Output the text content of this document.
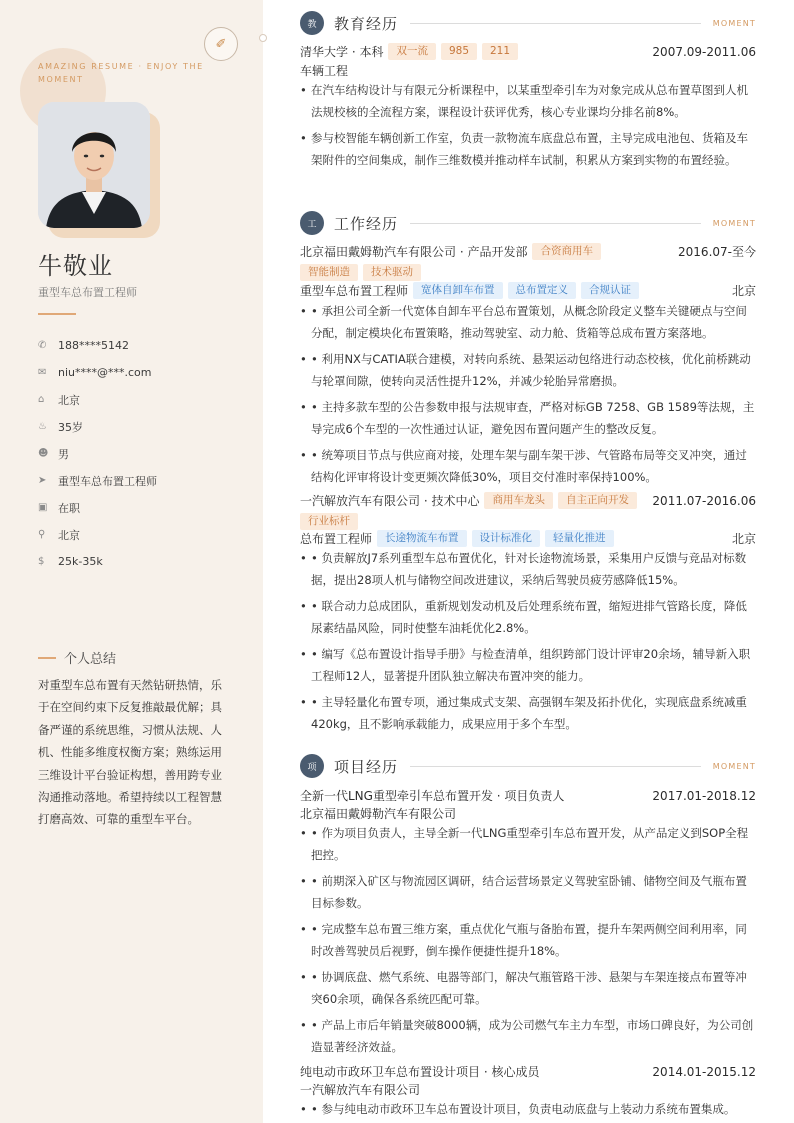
✐
AMAZING RESUME · ENJOY THE MOMENT
牛敬业
重型车总布置工程师
✆	188****5142
✉	niu****@***.com
⌂	北京
♨	35岁
☻ 男
➤	重型车总布置工程师
▣ 在职
⚲	北京
$	25k-35k
个人总结
对重型车总布置有天然钻研热情，乐于在空间约束下反复推敲最优解；具备严谨的系统思维，习惯从法规、人机、性能多维度权衡方案；熟练运用三维设计平台验证构想，善用跨专业沟通推动落地。希望持续以工程智慧打磨高效、可靠的重型车平台。
教	教育经历	MOMENT
清华大学 · 本科	双一流	985	211	2007.09-2011.06
车辆工程
• 在汽车结构设计与有限元分析课程中，以某重型牵引车为对象完成从总布置草图到人机法规校核的全流程方案，课程设计获评优秀，核心专业课均分排名前8%。
• 参与校智能车辆创新工作室，负责一款物流车底盘总布置，主导完成电池包、货箱及车架附件的空间集成，制作三维数模并推动样车试制，积累从方案到实物的布置经验。
工	工作经历	MOMENT
北京福田戴姆勒汽车有限公司 · 产品开发部	合资商用车	2016.07-至今
智能制造	技术驱动
重型车总布置工程师	宽体自卸车布置	总布置定义	合规认证	北京
• • 承担公司全新一代宽体自卸车平台总布置策划，从概念阶段定义整车关键硬点与空间分配，制定模块化布置策略，推动驾驶室、动力舱、货箱等总成布置方案落地。
• • 利用NX与CATIA联合建模，对转向系统、悬架运动包络进行动态校核，优化前桥跳动与轮罩间隙，使转向灵活性提升12%，并减少轮胎异常磨损。
• • 主持多款车型的公告参数申报与法规审查，严格对标GB 7258、GB 1589等法规，主导完成6个车型的一次性通过认证，避免因布置问题产生的整改反复。
• • 统筹项目节点与供应商对接，处理车架与副车架干涉、气管路布局等交叉冲突，通过结构化评审将设计变更频次降低30%，项目交付准时率保持100%。
一汽解放汽车有限公司 · 技术中心	商用车龙头	自主正向开发	2011.07-2016.06
行业标杆
总布置工程师	长途物流车布置	设计标准化	轻量化推进	北京
• • 负责解放J7系列重型车总布置优化，针对长途物流场景，采集用户反馈与竞品对标数据，提出28项人机与储物空间改进建议，采纳后驾驶员疲劳感降低15%。
• • 联合动力总成团队，重新规划发动机及后处理系统布置，缩短进排气管路长度，降低尿素结晶风险，同时使整车油耗优化2.8%。
• • 编写《总布置设计指导手册》与检查清单，组织跨部门设计评审20余场，辅导新入职工程师12人，显著提升团队独立解决布置冲突的能力。
• • 主导轻量化布置专项，通过集成式支架、高强钢车架及拓扑优化，实现底盘系统减重420kg，且不影响承载能力，成果应用于多个车型。
项	项目经历	MOMENT
全新一代LNG重型牵引车总布置开发 · 项目负责人	2017.01-2018.12
北京福田戴姆勒汽车有限公司
• • 作为项目负责人，主导全新一代LNG重型牵引车总布置开发，从产品定义到SOP全程把控。
• • 前期深入矿区与物流园区调研，结合运营场景定义驾驶室卧铺、储物空间及气瓶布置目标参数。
• • 完成整车总布置三维方案，重点优化气瓶与备胎布置，提升车架两侧空间利用率，同时改善驾驶员后视野，倒车操作便捷性提升18%。
• • 协调底盘、燃气系统、电器等部门，解决气瓶管路干涉、悬架与车架连接点布置等冲突60余项，确保各系统匹配可靠。
• • 产品上市后年销量突破8000辆，成为公司燃气车主力车型，市场口碑良好，为公司创造显著经济效益。
纯电动市政环卫车总布置设计项目 · 核心成员	2014.01-2015.12
一汽解放汽车有限公司
• • 参与纯电动市政环卫车总布置设计项目，负责电动底盘与上装动力系统布置集成。
